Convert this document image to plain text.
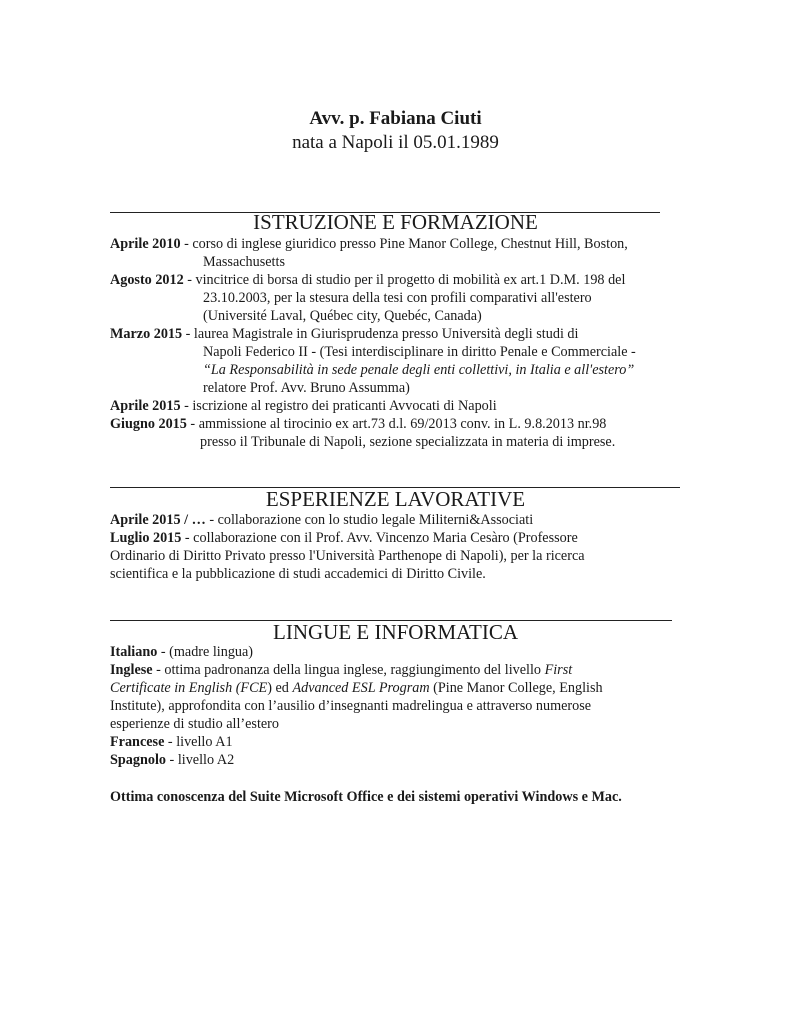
Avv. p. Fabiana Ciuti
nata a Napoli il 05.01.1989
ISTRUZIONE E FORMAZIONE
Aprile 2010 - corso di inglese giuridico presso Pine Manor College, Chestnut Hill, Boston,
Massachusetts
Agosto 2012 - vincitrice di borsa di studio per il progetto di mobilità ex art.1 D.M. 198 del
23.10.2003, per la stesura della tesi con profili comparativi all'estero
(Université Laval, Québec city, Quebéc, Canada)
Marzo 2015 - laurea Magistrale in Giurisprudenza presso Università degli studi di
Napoli Federico II - (Tesi interdisciplinare in diritto Penale e Commerciale -
“La Responsabilità in sede penale degli enti collettivi, in Italia e all'estero”
relatore Prof. Avv. Bruno Assumma)
Aprile 2015 - iscrizione al registro dei praticanti Avvocati di Napoli
Giugno 2015 - ammissione al tirocinio ex art.73 d.l. 69/2013 conv. in L. 9.8.2013 nr.98
presso il Tribunale di Napoli, sezione specializzata in materia di imprese.
ESPERIENZE LAVORATIVE
Aprile 2015 / … - collaborazione con lo studio legale Militerni&Associati
Luglio 2015 - collaborazione con il Prof. Avv. Vincenzo Maria Cesàro (Professore
Ordinario di Diritto Privato presso l'Università Parthenope di Napoli), per la ricerca
scientifica e la pubblicazione di studi accademici di Diritto Civile.
LINGUE E INFORMATICA
Italiano - (madre lingua)
Inglese - ottima padronanza della lingua inglese, raggiungimento del livello First
Certificate in English (FCE) ed Advanced ESL Program (Pine Manor College, English
Institute), approfondita con l’ausilio d’insegnanti madrelingua e attraverso numerose
esperienze di studio all’estero
Francese - livello A1
Spagnolo - livello A2
Ottima conoscenza del Suite Microsoft Office e dei sistemi operativi Windows e Mac.
